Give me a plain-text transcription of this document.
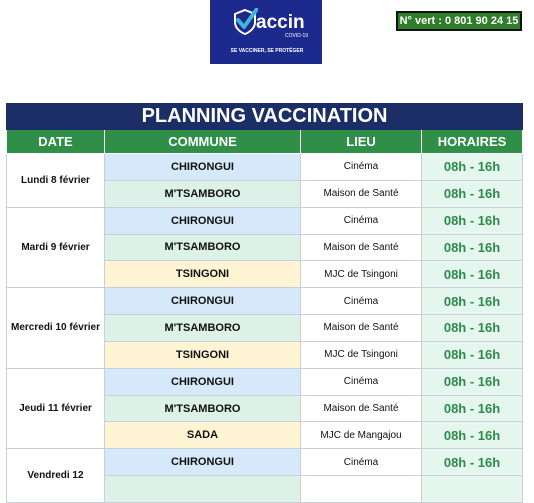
accin
COVID-19
SE VACCINER, SE PROTÉGER
N° vert : 0 801 90 24 15
PLANNING VACCINATION			
DATE	COMMUNE	LIEU	HORAIRES
Lundi 8 février	CHIRONGUI	Cinéma	08h - 16h
	M'TSAMBORO	Maison de Santé	08h - 16h
Mardi 9 février	CHIRONGUI	Cinéma	08h - 16h
	M'TSAMBORO	Maison de Santé	08h - 16h
	TSINGONI	MJC de Tsingoni	08h - 16h
Mercredi 10 février	CHIRONGUI	Cinéma	08h - 16h
	M'TSAMBORO	Maison de Santé	08h - 16h
	TSINGONI	MJC de Tsingoni	08h - 16h
Jeudi 11 février	CHIRONGUI	Cinéma	08h - 16h
	M'TSAMBORO	Maison de Santé	08h - 16h
	SADA	MJC de Mangajou	08h - 16h
Vendredi 12	CHIRONGUI	Cinéma	08h - 16h
